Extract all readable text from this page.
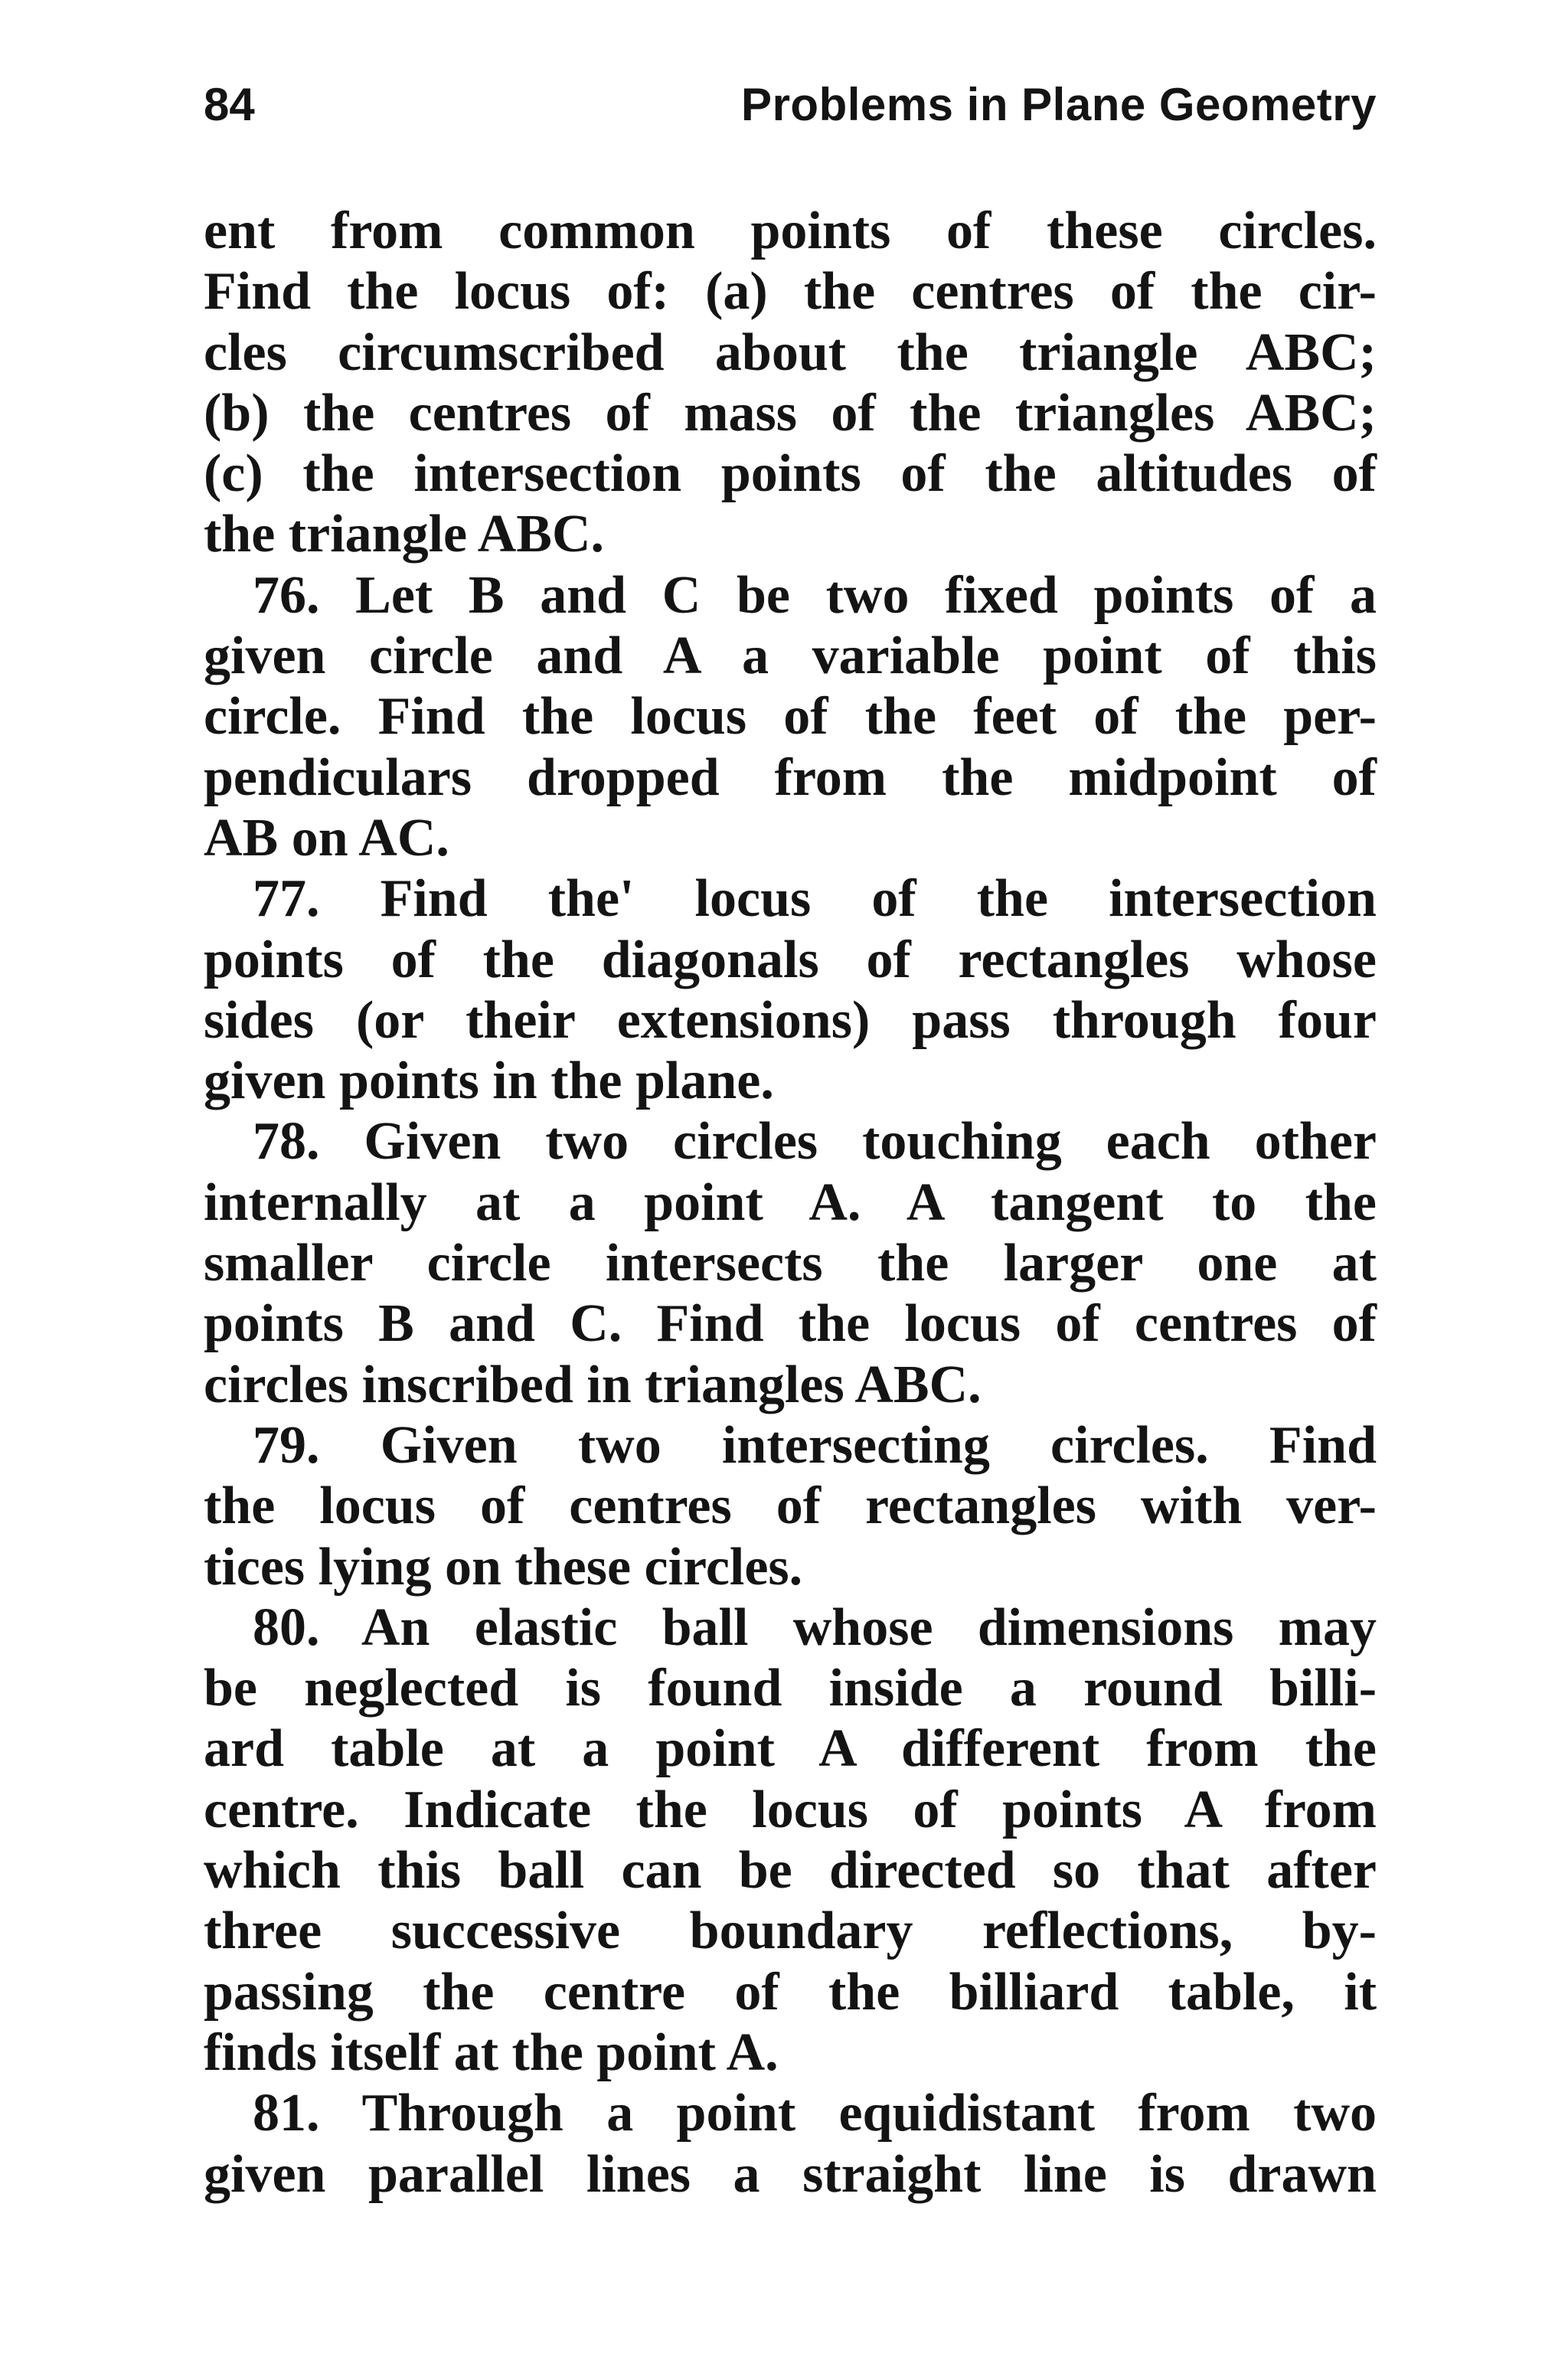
84	Problems in Plane Geometry
ent from common points of these circles.
Find the locus of: (a) the centres of the cir-
cles circumscribed about the triangle ABC;
(b) the centres of mass of the triangles ABC;
(c) the intersection points of the altitudes of
the triangle ABC.
76. Let B and C be two fixed points of a
given circle and A a variable point of this
circle. Find the locus of the feet of the per-
pendiculars dropped from the midpoint of
AB on AC.
77. Find the' locus of the intersection
points of the diagonals of rectangles whose
sides (or their extensions) pass through four
given points in the plane.
78. Given two circles touching each other
internally at a point A. A tangent to the
smaller circle intersects the larger one at
points B and C. Find the locus of centres of
circles inscribed in triangles ABC.
79. Given two intersecting circles. Find
the locus of centres of rectangles with ver-
tices lying on these circles.
80. An elastic ball whose dimensions may
be neglected is found inside a round billi-
ard table at a point A different from the
centre. Indicate the locus of points A from
which this ball can be directed so that after
three successive boundary reflections, by-
passing the centre of the billiard table, it
finds itself at the point A.
81. Through a point equidistant from two
given parallel lines a straight line is drawn
